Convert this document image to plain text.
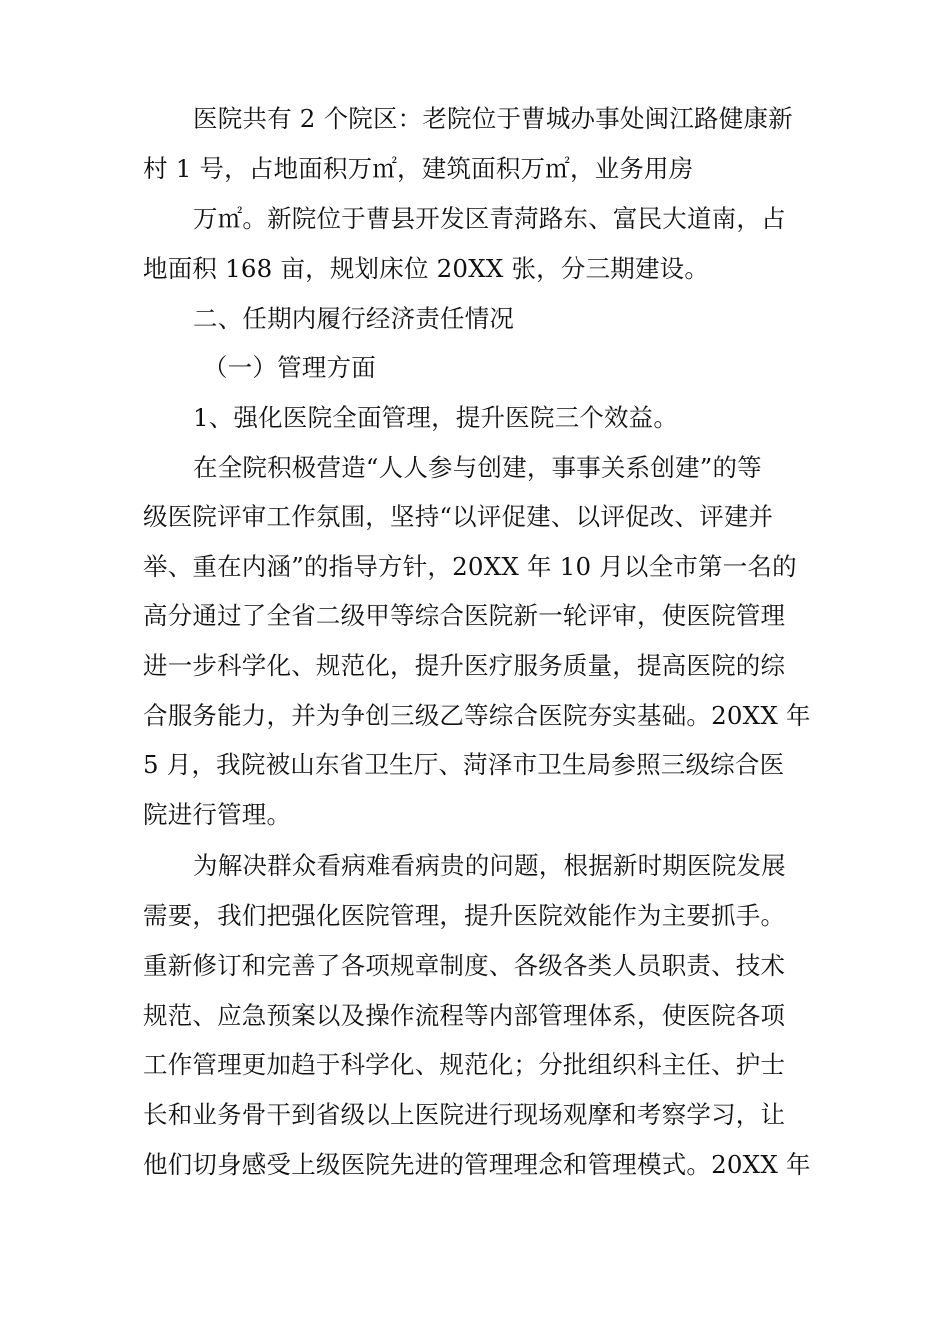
医院共有 2 个院区：老院位于曹城办事处闽江路健康新
村 1 号，占地面积万㎡，建筑面积万㎡，业务用房
万㎡。新院位于曹县开发区青菏路东、富民大道南，占
地面积 168 亩，规划床位 20XX 张，分三期建设。
二、任期内履行经济责任情况
（一）管理方面
1、强化医院全面管理，提升医院三个效益。
在全院积极营造“人人参与创建，事事关系创建”的等
级医院评审工作氛围，坚持“以评促建、以评促改、评建并
举、重在内涵”的指导方针，20XX 年 10 月以全市第一名的
高分通过了全省二级甲等综合医院新一轮评审，使医院管理
进一步科学化、规范化，提升医疗服务质量，提高医院的综
合服务能力，并为争创三级乙等综合医院夯实基础。20XX 年
5 月，我院被山东省卫生厅、菏泽市卫生局参照三级综合医
院进行管理。
为解决群众看病难看病贵的问题，根据新时期医院发展
需要，我们把强化医院管理，提升医院效能作为主要抓手。
重新修订和完善了各项规章制度、各级各类人员职责、技术
规范、应急预案以及操作流程等内部管理体系，使医院各项
工作管理更加趋于科学化、规范化；分批组织科主任、护士
长和业务骨干到省级以上医院进行现场观摩和考察学习，让
他们切身感受上级医院先进的管理理念和管理模式。20XX 年
